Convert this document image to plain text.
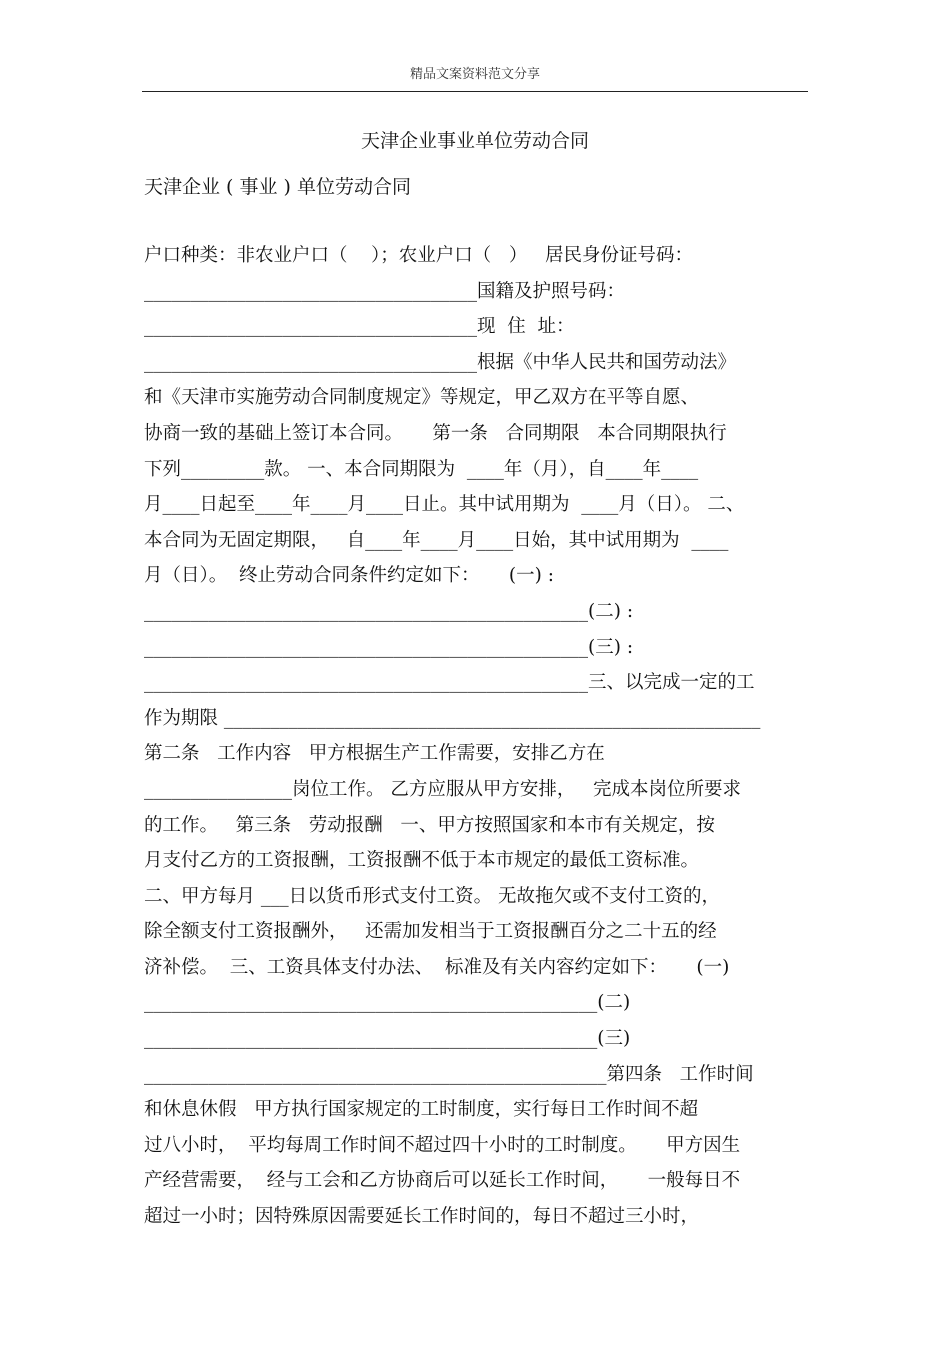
精品文案资料范文分享
天津企业事业单位劳动合同
天津企业 ( 事业 ) 单位劳动合同
户口种类：非农业户口（    ）；农业户口（   ）   居民身份证号码：
____________________________________国籍及护照号码：
____________________________________现  住  址：
____________________________________根据《中华人民共和国劳动法》
和《天津市实施劳动合同制度规定》等规定，甲乙双方在平等自愿、
协商一致的基础上签订本合同。     第一条   合同期限   本合同期限执行
下列_________款。 一、本合同期限为  ____年（月），自____年____
月____日起至____年____月____日止。其中试用期为  ____月（日）。 二、
本合同为无固定期限，   自____年____月____日始，其中试用期为  ____
月（日）。  终止劳动合同条件约定如下：     (一) :
________________________________________________(二) :
________________________________________________(三) :
________________________________________________三、以完成一定的工
作为期限 __________________________________________________________
第二条   工作内容   甲方根据生产工作需要，安排乙方在
________________岗位工作。 乙方应服从甲方安排，   完成本岗位所要求
的工作。   第三条   劳动报酬   一、甲方按照国家和本市有关规定，按
月支付乙方的工资报酬，工资报酬不低于本市规定的最低工资标准。
二、甲方每月 ___日以货币形式支付工资。 无故拖欠或不支付工资的，
除全额支付工资报酬外，   还需加发相当于工资报酬百分之二十五的经
济补偿。  三、工资具体支付办法、  标准及有关内容约定如下：     (一)
_________________________________________________(二)
_________________________________________________(三)
__________________________________________________第四条   工作时间
和休息休假   甲方执行国家规定的工时制度，实行每日工作时间不超
过八小时，  平均每周工作时间不超过四十小时的工时制度。     甲方因生
产经营需要，  经与工会和乙方协商后可以延长工作时间，     一般每日不
超过一小时；因特殊原因需要延长工作时间的，每日不超过三小时，
